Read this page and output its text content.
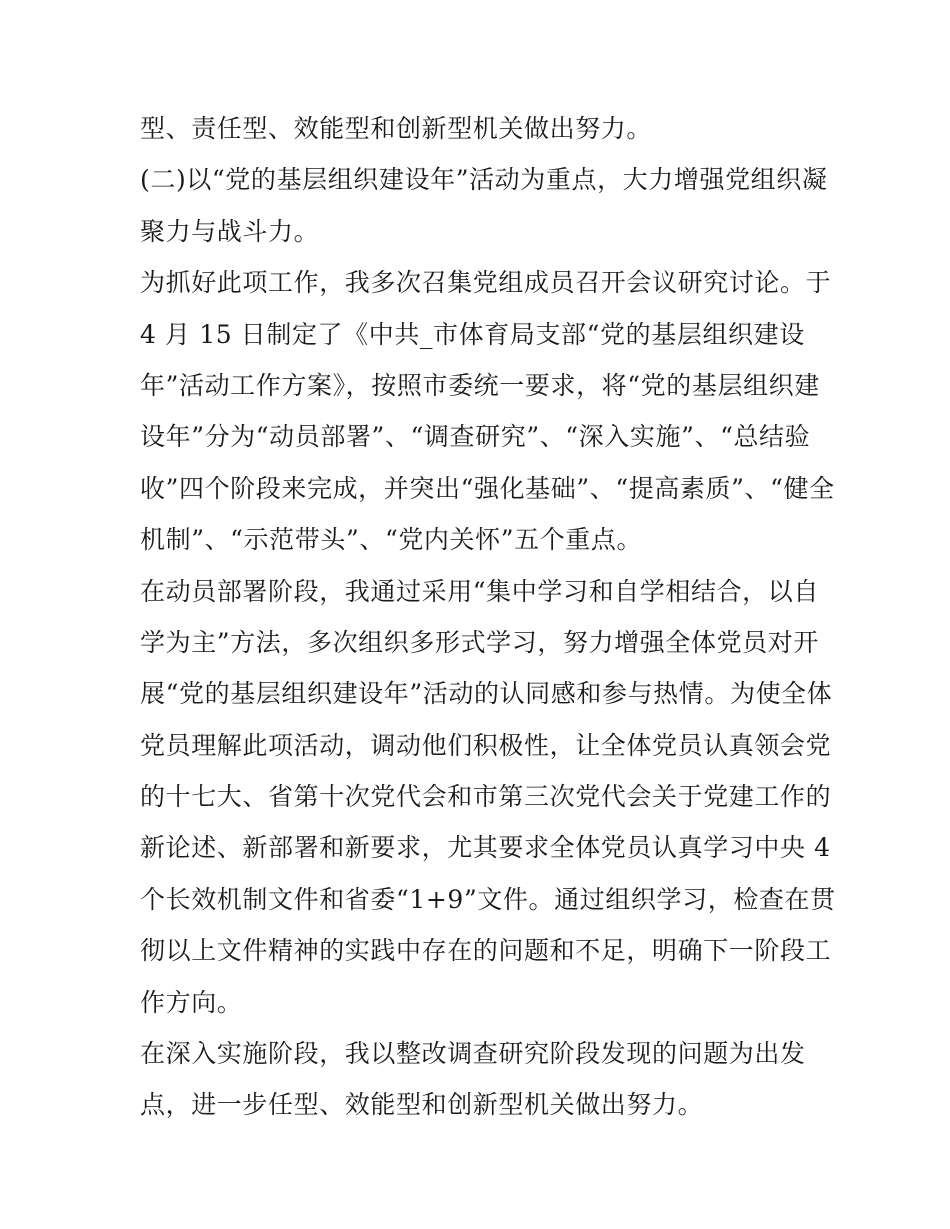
型、责任型、效能型和创新型机关做出努力。
(二)以“党的基层组织建设年”活动为重点，大力增强党组织凝
聚力与战斗力。
为抓好此项工作，我多次召集党组成员召开会议研究讨论。于
4 月 15 日制定了《中共_市体育局支部“党的基层组织建设
年”活动工作方案》，按照市委统一要求，将“党的基层组织建
设年”分为“动员部署”、“调查研究”、“深入实施”、“总结验
收”四个阶段来完成，并突出“强化基础”、“提高素质”、“健全
机制”、“示范带头”、“党内关怀”五个重点。
在动员部署阶段，我通过采用“集中学习和自学相结合，以自
学为主”方法，多次组织多形式学习，努力增强全体党员对开
展“党的基层组织建设年”活动的认同感和参与热情。为使全体
党员理解此项活动，调动他们积极性，让全体党员认真领会党
的十七大、省第十次党代会和市第三次党代会关于党建工作的
新论述、新部署和新要求，尤其要求全体党员认真学习中央 4
个长效机制文件和省委“1+9”文件。通过组织学习，检查在贯
彻以上文件精神的实践中存在的问题和不足，明确下一阶段工
作方向。
在深入实施阶段，我以整改调查研究阶段发现的问题为出发
点，进一步任型、效能型和创新型机关做出努力。
